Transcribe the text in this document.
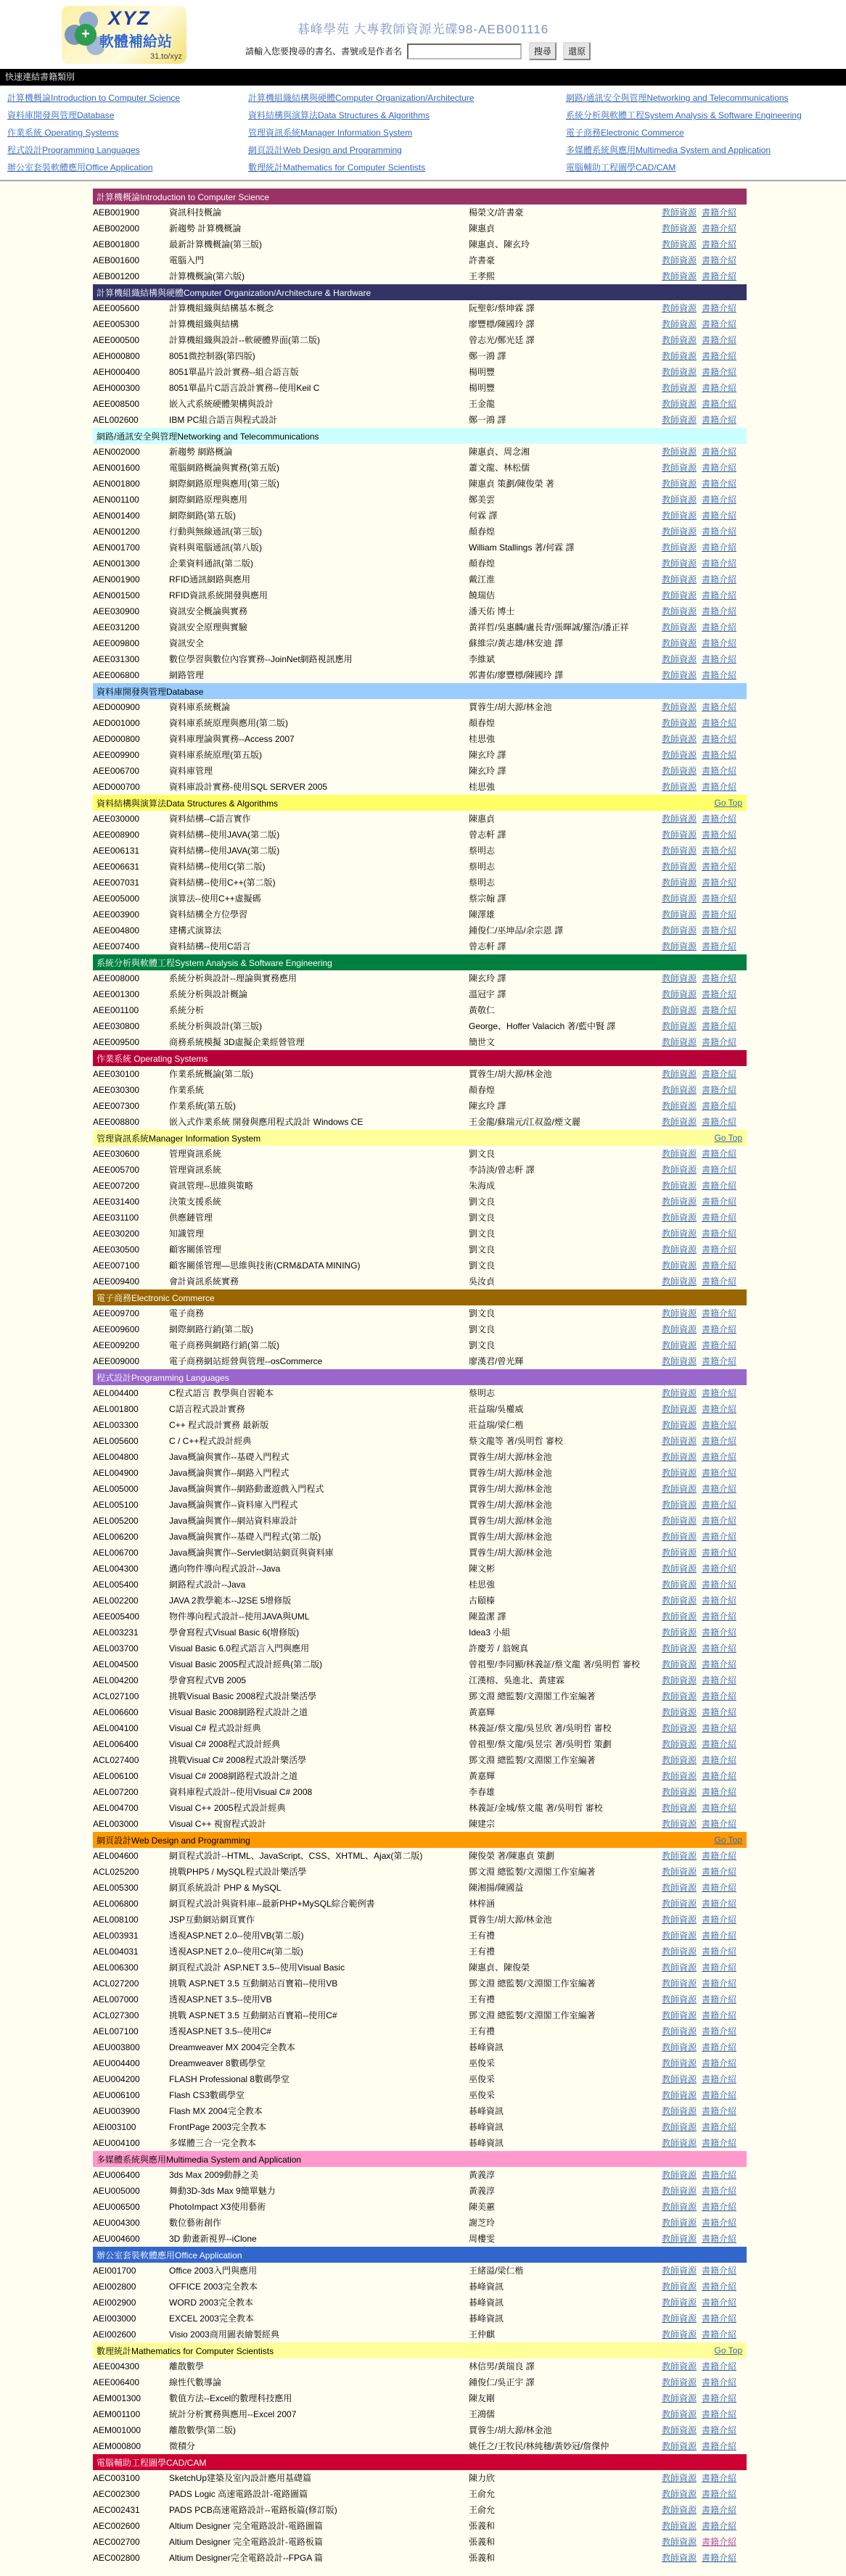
+
XYZ
軟體補給站
31.to/xyz
碁峰學苑 大專教師資源光碟98-AEB001116
請輸入您要搜尋的書名、書號或是作者名	搜尋 還原
快速連結書籍類別
計算機概論Introduction to Computer Science	計算機組織結構與硬體Computer Organization/Architecture	網路/通訊安全與管理Networking and Telecommunications
資料庫開發與管理Database	資料結構與演算法Data Structures & Algorithms	系統分析與軟體工程System Analysis & Software Engineering
作業系統 Operating Systems	管理資訊系統Manager Information System	電子商務Electronic Commerce
程式設計Programming Languages	網頁設計Web Design and Programming	多媒體系統與應用Multimedia System and Application
辦公室套裝軟體應用Office Application	數理統計Mathematics for Computer Scientists	電腦輔助工程圖學CAD/CAM
計算機概論Introduction to Computer Science
AEB001900	資訊科技概論	楊榮文/許書豪	教師資源 書籍介紹
AEB002000	新趨勢 計算機概論	陳惠貞	教師資源 書籍介紹
AEB001800	最新計算機概論(第三版)	陳惠貞、陳玄玲	教師資源 書籍介紹
AEB001600	電腦入門	許書豪	教師資源 書籍介紹
AEB001200	計算機概論(第六版)	王孝熙	教師資源 書籍介紹
計算機組織結構與硬體Computer Organization/Architecture & Hardware
AEE005600	計算機組織與結構基本概念	阮聖彰/蔡坤霖 譯	教師資源 書籍介紹
AEE005300	計算機組織與結構	廖豐標/陳國玲 譯	教師資源 書籍介紹
AEE000500	計算機組織與設計--軟硬體界面(第二版)	曾志光/鄭光廷 譯	教師資源 書籍介紹
AEH000800	8051微控制器(第四版)	鄭一鴻 譯	教師資源 書籍介紹
AEH000400	8051單晶片設計實務--組合語言版	楊明豐	教師資源 書籍介紹
AEH000300	8051單晶片C語言設計實務--使用Keil C	楊明豐	教師資源 書籍介紹
AEE008500	嵌入式系統硬體架構與設計	王金龍	教師資源 書籍介紹
AEL002600	IBM PC組合語言與程式設計	鄭一鴻 譯	教師資源 書籍介紹
網路/通訊安全與管理Networking and Telecommunications
AEN002000	新趨勢 網路概論	陳惠貞、周念湘	教師資源 書籍介紹
AEN001600	電腦網路概論與實務(第五版)	蕭文龍、林松儒	教師資源 書籍介紹
AEN001800	網際網路原理與應用(第三版)	陳惠貞 策劃/陳俊榮 著	教師資源 書籍介紹
AEN001100	網際網路原理與應用	鄭美雲	教師資源 書籍介紹
AEN001400	網際網路(第五版)	何霖 譯	教師資源 書籍介紹
AEN001200	行動與無線通訊(第三版)	顏春煌	教師資源 書籍介紹
AEN001700	資料與電腦通訊(第八版)	William Stallings 著/何霖 譯	教師資源 書籍介紹
AEN001300	企業資料通訊(第二版)	顏春煌	教師資源 書籍介紹
AEN001900	RFID通訊網路與應用	戴江淮	教師資源 書籍介紹
AEN001500	RFID資訊系統開發與應用	饒瑞佶	教師資源 書籍介紹
AEE030900	資訊安全概論與實務	潘天佑 博士	教師資源 書籍介紹
AEE031200	資訊安全原理與實驗	黃祥哲/吳惠麟/盧長青/張暉誠/羅浩/潘正祥	教師資源 書籍介紹
AEE009800	資訊安全	蘇維宗/黃志雄/林安迪 譯	教師資源 書籍介紹
AEE031300	數位學習與數位內容實務--JoinNet網路視訊應用	李維斌	教師資源 書籍介紹
AEE006800	網路管理	郭書佑/廖豐標/陳國玲 譯	教師資源 書籍介紹
資料庫開發與管理Database
AED000900	資料庫系統概論	賈蓉生/胡大源/林金池	教師資源 書籍介紹
AED001000	資料庫系統原理與應用(第二版)	顏春煌	教師資源 書籍介紹
AED000800	資料庫理論與實務--Access 2007	桂思強	教師資源 書籍介紹
AEE009900	資料庫系統原理(第五版)	陳玄玲 譯	教師資源 書籍介紹
AEE006700	資料庫管理	陳玄玲 譯	教師資源 書籍介紹
AED000700	資料庫設計實務-使用SQL SERVER 2005	桂思強	教師資源 書籍介紹
資料結構與演算法Data Structures & Algorithms	Go Top
AEE030000	資料結構--C語言實作	陳惠貞	教師資源 書籍介紹
AEE008900	資料結構--使用JAVA(第二版)	曾志軒 譯	教師資源 書籍介紹
AEE006131	資料結構--使用JAVA(第二版)	蔡明志	教師資源 書籍介紹
AEE006631	資料結構--使用C(第二版)	蔡明志	教師資源 書籍介紹
AEE007031	資料結構--使用C++(第二版)	蔡明志	教師資源 書籍介紹
AEE005000	演算法--使用C++虛擬碼	蔡宗翰 譯	教師資源 書籍介紹
AEE003900	資料結構全方位學習	陳澤雄	教師資源 書籍介紹
AEE004800	建構式演算法	鍾俊仁/巫坤品/余宗恩 譯	教師資源 書籍介紹
AEE007400	資料結構--使用C語言	曾志軒 譯	教師資源 書籍介紹
系統分析與軟體工程System Analysis & Software Engineering
AEE008000	系統分析與設計--理論與實務應用	陳玄玲 譯	教師資源 書籍介紹
AEE001300	系統分析與設計概論	溫冠宇 譯	教師資源 書籍介紹
AEE001100	系統分析	黃敬仁	教師資源 書籍介紹
AEE030800	系統分析與設計(第三版)	George、Hoffer Valacich 著/藍中賢 譯	教師資源 書籍介紹
AEE009500	商務系統模擬 3D虛擬企業經營管理	簡世文	教師資源 書籍介紹
作業系統 Operating Systems
AEE030100	作業系統概論(第二版)	賈蓉生/胡大源/林金池	教師資源 書籍介紹
AEE030300	作業系統	顏春煌	教師資源 書籍介紹
AEE007300	作業系統(第五版)	陳玄玲 譯	教師資源 書籍介紹
AEE008800	嵌入式作業系統 開發與應用程式設計 Windows CE	王金龍/蘇瑞元/江叔盈/煙文麗	教師資源 書籍介紹
管理資訊系統Manager Information System	Go Top
AEE030600	管理資訊系統	劉文良	教師資源 書籍介紹
AEE005700	管理資訊系統	李詩淡/曾志軒 譯	教師資源 書籍介紹
AEE007200	資訊管理--思維與策略	朱海成	教師資源 書籍介紹
AEE031400	決策支援系統	劉文良	教師資源 書籍介紹
AEE031100	供應鏈管理	劉文良	教師資源 書籍介紹
AEE030200	知識管理	劉文良	教師資源 書籍介紹
AEE030500	顧客關係管理	劉文良	教師資源 書籍介紹
AEE007100	顧客關係管理—思維與技術(CRM&DATA MINING)	劉文良	教師資源 書籍介紹
AEE009400	會計資訊系統實務	吳汝貞	教師資源 書籍介紹
電子商務Electronic Commerce
AEE009700	電子商務	劉文良	教師資源 書籍介紹
AEE009600	網際網路行銷(第二版)	劉文良	教師資源 書籍介紹
AEE009200	電子商務與網路行銷(第二版)	劉文良	教師資源 書籍介紹
AEE009000	電子商務網站經營與管理--osCommerce	廖漢君/曾光輝	教師資源 書籍介紹
程式設計Programming Languages
AEL004400	C程式語言 教學與自習範本	蔡明志	教師資源 書籍介紹
AEL001800	C語言程式設計實務	莊益瑞/吳權威	教師資源 書籍介紹
AEL003300	C++ 程式設計實務 最新版	莊益瑞/梁仁楷	教師資源 書籍介紹
AEL005600	C / C++程式設計經典	蔡文龍等 著/吳明哲 審校	教師資源 書籍介紹
AEL004800	Java概論與實作--基礎入門程式	賈蓉生/胡大源/林金池	教師資源 書籍介紹
AEL004900	Java概論與實作--網路入門程式	賈蓉生/胡大源/林金池	教師資源 書籍介紹
AEL005000	Java概論與實作--網路動畫遊戲入門程式	賈蓉生/胡大源/林金池	教師資源 書籍介紹
AEL005100	Java概論與實作--資料庫入門程式	賈蓉生/胡大源/林金池	教師資源 書籍介紹
AEL005200	Java概論與實作--網站資料庫設計	賈蓉生/胡大源/林金池	教師資源 書籍介紹
AEL006200	Java概論與實作--基礎入門程式(第二版)	賈蓉生/胡大源/林金池	教師資源 書籍介紹
AEL006700	Java概論與實作--Servlet網站網頁與資料庫	賈蓉生/胡大源/林金池	教師資源 書籍介紹
AEL004300	邁向物件導向程式設計--Java	陳文彬	教師資源 書籍介紹
AEL005400	網路程式設計--Java	桂思強	教師資源 書籍介紹
AEL002200	JAVA 2教學範本--J2SE 5增修版	古頤榛	教師資源 書籍介紹
AEE005400	物件導向程式設計--使用JAVA與UML	陳盈潔 譯	教師資源 書籍介紹
AEL003231	學會寫程式Visual Basic 6(增修版)	Idea3 小組	教師資源 書籍介紹
AEL003700	Visual Basic 6.0程式語言入門與應用	許慶芳 / 翁婉真	教師資源 書籍介紹
AEL004500	Visual Basic 2005程式設計經典(第二版)	曾祖聖/李同顯/林義証/蔡文龍 著/吳明哲 審校	教師資源 書籍介紹
AEL004200	學會寫程式VB 2005	江漢榕、吳進北、黃建霖	教師資源 書籍介紹
ACL027100	挑戰Visual Basic 2008程式設計樂活學	鄧文淵 總監製/文淵閣工作室編著	教師資源 書籍介紹
AEL006600	Visual Basic 2008網路程式設計之道	黃嘉輝	教師資源 書籍介紹
AEL004100	Visual C# 程式設計經典	林義証/蔡文龍/吳昱欣 著/吳明哲 審校	教師資源 書籍介紹
AEL006400	Visual C# 2008程式設計經典	曾祖聖/蔡文龍/吳昱宗 著/吳明哲 策劃	教師資源 書籍介紹
ACL027400	挑戰Visual C# 2008程式設計樂活學	鄧文淵 總監製/文淵閣工作室編著	教師資源 書籍介紹
AEL006100	Visual C# 2008網路程式設計之道	黃嘉輝	教師資源 書籍介紹
AEL007200	資料庫程式設計--使用Visual C# 2008	李春雄	教師資源 書籍介紹
AEL004700	Visual C++ 2005程式設計經典	林義証/金城/蔡文龍 著/吳明哲 審校	教師資源 書籍介紹
AEL003000	Visual C++ 視窗程式設計	陳建宗	教師資源 書籍介紹
網頁設計Web Design and Programming	Go Top
AEL004600	網頁程式設計--HTML、JavaScript、CSS、XHTML、Ajax(第二版)	陳俊榮 著/陳惠貞 策劃	教師資源 書籍介紹
ACL025200	挑戰PHP5 / MySQL程式設計樂活學	鄧文淵 總監製/文淵閣工作室編著	教師資源 書籍介紹
AEL005300	網頁系統設計 PHP & MySQL	陳湘揚/陳國益	教師資源 書籍介紹
AEL006800	網頁程式設計與資料庫--最新PHP+MySQL綜合範例書	林梓涵	教師資源 書籍介紹
AEL008100	JSP互動網站網頁實作	賈蓉生/胡大源/林金池	教師資源 書籍介紹
AEL003931	透視ASP.NET 2.0--使用VB(第二版)	王有禮	教師資源 書籍介紹
AEL004031	透視ASP.NET 2.0--使用C#(第二版)	王有禮	教師資源 書籍介紹
AEL006300	網頁程式設計 ASP.NET 3.5--使用Visual Basic	陳惠貞、陳俊榮	教師資源 書籍介紹
ACL027200	挑戰 ASP.NET 3.5 互動網站百寶箱--使用VB	鄧文淵 總監製/文淵閣工作室編著	教師資源 書籍介紹
AEL007000	透視ASP.NET 3.5--使用VB	王有禮	教師資源 書籍介紹
ACL027300	挑戰 ASP.NET 3.5 互動網站百寶箱--使用C#	鄧文淵 總監製/文淵閣工作室編著	教師資源 書籍介紹
AEL007100	透視ASP.NET 3.5--使用C#	王有禮	教師資源 書籍介紹
AEU003800	Dreamweaver MX 2004完全教本	碁峰資訊	教師資源 書籍介紹
AEU004400	Dreamweaver 8數碼學堂	巫俊采	教師資源 書籍介紹
AEU004200	FLASH Professional 8數碼學堂	巫俊采	教師資源 書籍介紹
AEU006100	Flash CS3數碼學堂	巫俊采	教師資源 書籍介紹
AEU003900	Flash MX 2004完全教本	碁峰資訊	教師資源 書籍介紹
AEI003100	FrontPage 2003完全教本	碁峰資訊	教師資源 書籍介紹
AEU004100	多媒體三合一完全教本	碁峰資訊	教師資源 書籍介紹
多媒體系統與應用Multimedia System and Application
AEU006400	3ds Max 2009動靜之美	黃義淳	教師資源 書籍介紹
AEU005000	舞動3D-3ds Max 9簡單魅力	黃義淳	教師資源 書籍介紹
AEU006500	PhotoImpact X3使用藝術	陳美蕙	教師資源 書籍介紹
AEU004300	數位藝術創作	謝芝玲	教師資源 書籍介紹
AEU004600	3D 動畫新視界--iClone	周樓雯	教師資源 書籍介紹
辦公室套裝軟體應用Office Application
AEI001700	Office 2003入門與應用	王緒溢/梁仁楷	教師資源 書籍介紹
AEI002800	OFFICE 2003完全教本	碁峰資訊	教師資源 書籍介紹
AEI002900	WORD 2003完全教本	碁峰資訊	教師資源 書籍介紹
AEI003000	EXCEL 2003完全教本	碁峰資訊	教師資源 書籍介紹
AEI002600	Visio 2003商用圖表繪製經典	王仲麒	教師資源 書籍介紹
數理統計Mathematics for Computer Scientists	Go Top
AEE004300	離散數學	林信男/黃瑞良 譯	教師資源 書籍介紹
AEE006400	線性代數導論	鍾俊仁/吳正宇 譯	教師資源 書籍介紹
AEM001300	數值方法--Excel的數理科技應用	陳友剛	教師資源 書籍介紹
AEM001100	統計分析實務與應用--Excel 2007	王鴻儒	教師資源 書籍介紹
AEM001000	離散數學(第二版)	賈蓉生/胡大源/林金池	教師資源 書籍介紹
AEM000800	微積分	姚任之/王牧民/林純穗/黃妙冠/詹傑仲	教師資源 書籍介紹
電腦輔助工程圖學CAD/CAM
AEC003100	SketchUp建築及室內設計應用基礎篇	陳力欣	教師資源 書籍介紹
AEC002300	PADS Logic 高速電路設計-電路圖篇	王俞允	教師資源 書籍介紹
AEC002431	PADS PCB高速電路設計--電路板篇(修訂版)	王俞允	教師資源 書籍介紹
AEC002600	Altium Designer 完全電路設計-電路圖篇	張義和	教師資源 書籍介紹
AEC002700	Altium Designer 完全電路設計-電路板篇	張義和	教師資源 書籍介紹
AEC002800	Altium Designer完全電路設計--FPGA 篇	張義和	教師資源 書籍介紹
